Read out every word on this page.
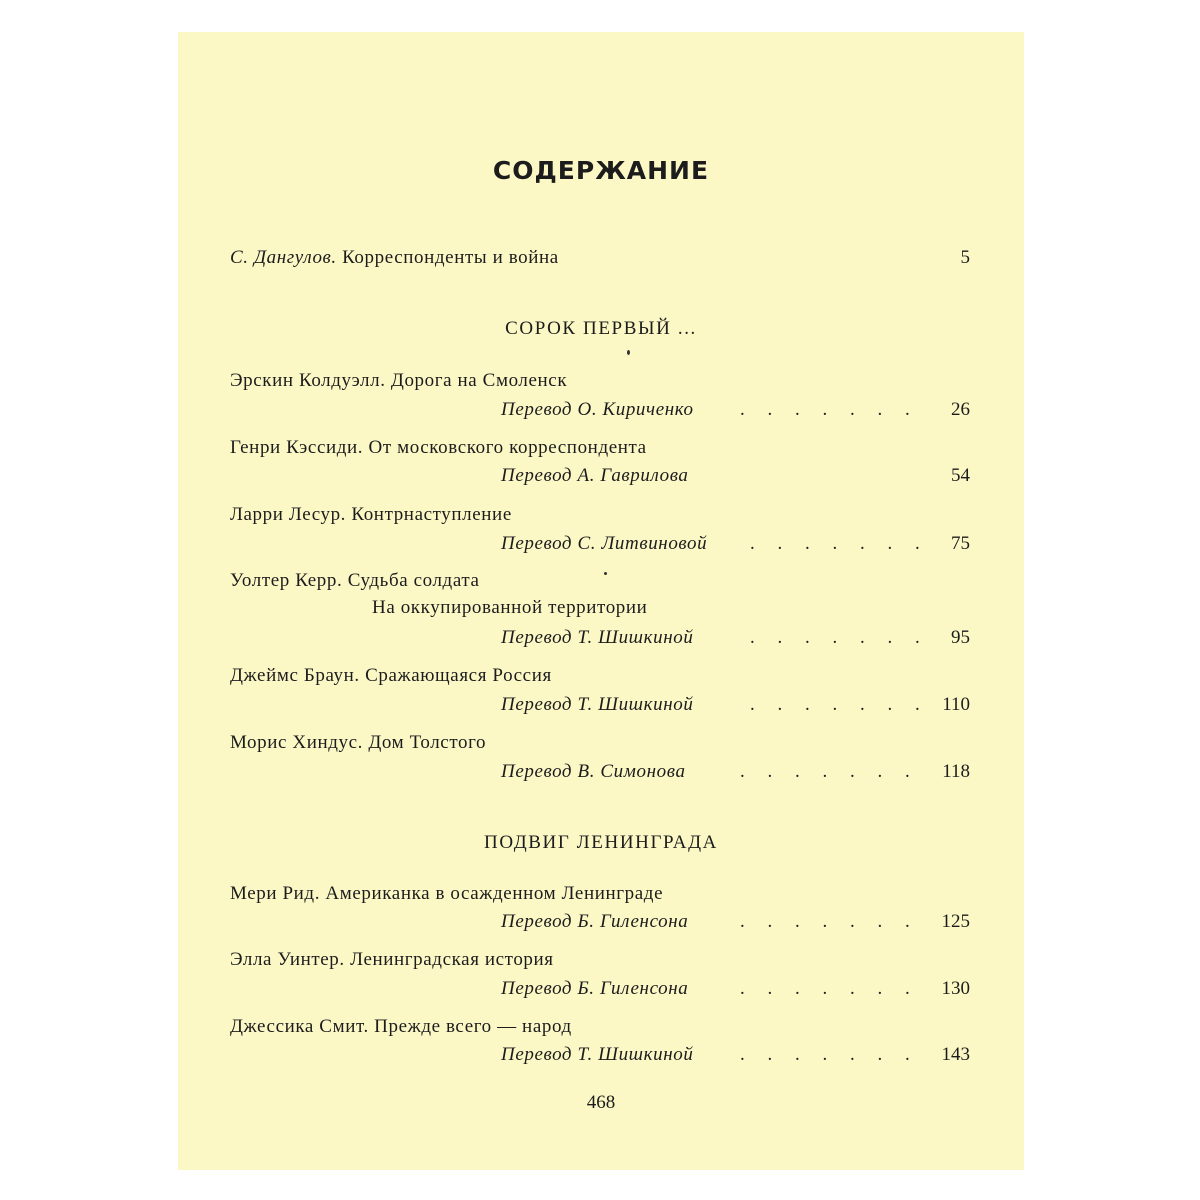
СОДЕРЖАНИЕ
С. Дангулов. Корреспонденты и война	5
СОРОК ПЕРВЫЙ ...
Эрскин Колдуэлл. Дорога на Смоленск
Перевод О. Кириченко . . . . . . .	26
Генри Кэссиди. От московского корреспондента
Перевод А. Гаврилова	54
Ларри Лесур. Контрнаступление
Перевод С. Литвиновой . . . . . . .	75
Уолтер Керр. Судьба солдата
На оккупированной территории
Перевод Т. Шишкиной	. . . . . . .	95
Джеймс Браун. Сражающаяся Россия
Перевод Т. Шишкиной	. . . . . . . 110
Морис Хиндус. Дом Толстого
Перевод В. Симонова	. . . . . . .	118
ПОДВИГ ЛЕНИНГРАДА
Мери Рид. Американка в осажденном Ленинграде
Перевод Б. Гиленсона	. . . . . . .	125
Элла Уинтер. Ленинградская история
Перевод Б. Гиленсона	. . . . . . .	130
Джессика Смит. Прежде всего — народ
Перевод Т. Шишкиной . . . . . . .	143
468
